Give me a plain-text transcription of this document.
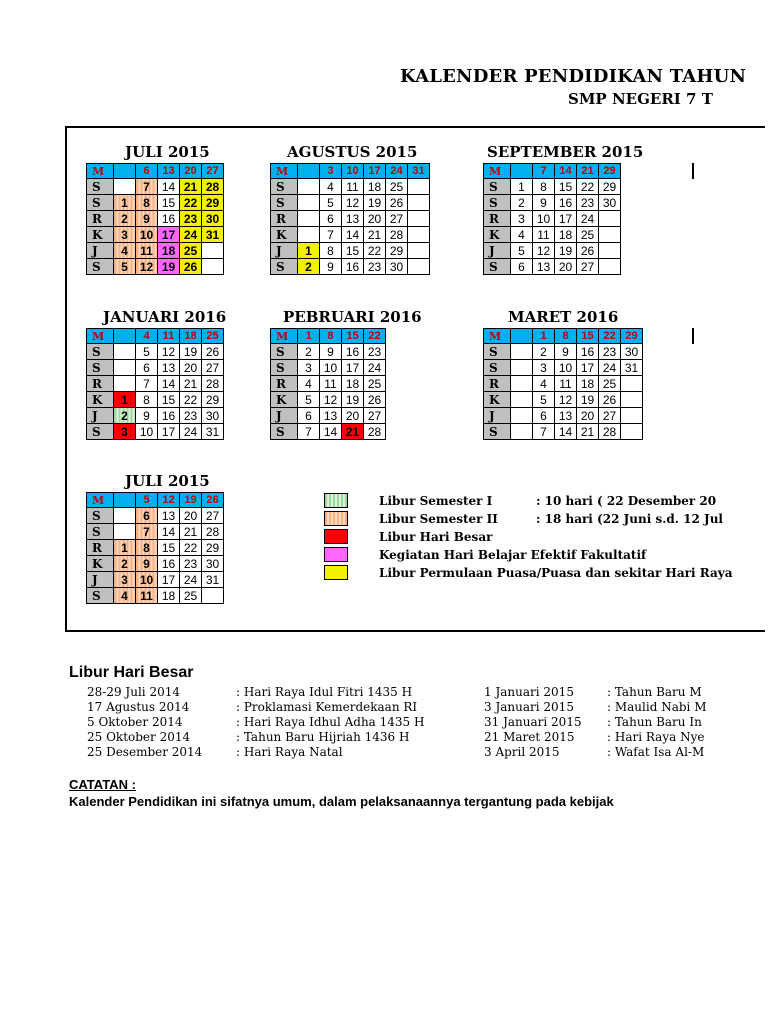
KALENDER PENDIDIKAN TAHUN
SMP NEGERI 7 T
JULI 2015	AGUSTUS 2015	SEPTEMBER 2015
JANUARI 2016	PEBRUARI 2016	MARET 2016
JULI 2015
M		6	13	20	27
S		7	14	21	28
S	1	8	15	22	29
R	2	9	16	23	30
K	3	10	17	24	31
J	4	11	18	25	
S	5	12	19	26	
M		3	10	17	24	31
S		4	11	18	25	
S		5	12	19	26	
R		6	13	20	27	
K		7	14	21	28	
J	1	8	15	22	29	
S	2	9	16	23	30	
M		7	14	21	29
S	1	8	15	22	29
S	2	9	16	23	30
R	3	10	17	24	
K	4	11	18	25	
J	5	12	19	26	
S	6	13	20	27	
M		4	11	18	25
S		5	12	19	26
S		6	13	20	27
R		7	14	21	28
K	1	8	15	22	29
J	2	9	16	23	30
S	3	10	17	24	31
M	1	8	15	22
S	2	9	16	23
S	3	10	17	24
R	4	11	18	25
K	5	12	19	26
J	6	13	20	27
S	7	14	21	28
M		1	8	15	22	29
S		2	9	16	23	30
S		3	10	17	24	31
R		4	11	18	25	
K		5	12	19	26	
J		6	13	20	27	
S		7	14	21	28	
M		5	12	19	26
S		6	13	20	27
S		7	14	21	28
R	1	8	15	22	29
K	2	9	16	23	30
J	3	10	17	24	31
S	4	11	18	25	
Libur Semester I	: 10 hari ( 22 Desember 20
Libur Semester II	: 18 hari (22 Juni s.d. 12 Jul
Libur Hari Besar
Kegiatan Hari Belajar Efektif Fakultatif
Libur Permulaan Puasa/Puasa dan sekitar Hari Raya
Libur Hari Besar
28-29 Juli 2014	: Hari Raya Idul Fitri 1435 H
17 Agustus 2014	: Proklamasi Kemerdekaan RI
5 Oktober 2014	: Hari Raya Idhul Adha 1435 H
25 Oktober 2014	: Tahun Baru Hijriah 1436 H
25 Desember 2014	: Hari Raya Natal
1 Januari 2015	: Tahun Baru M
3 Januari 2015	: Maulid Nabi M
31 Januari 2015 : Tahun Baru In
21 Maret 2015	: Hari Raya Nye
3 April 2015	: Wafat Isa Al-M
CATATAN :
Kalender Pendidikan ini sifatnya umum, dalam pelaksanaannya tergantung pada kebijak
